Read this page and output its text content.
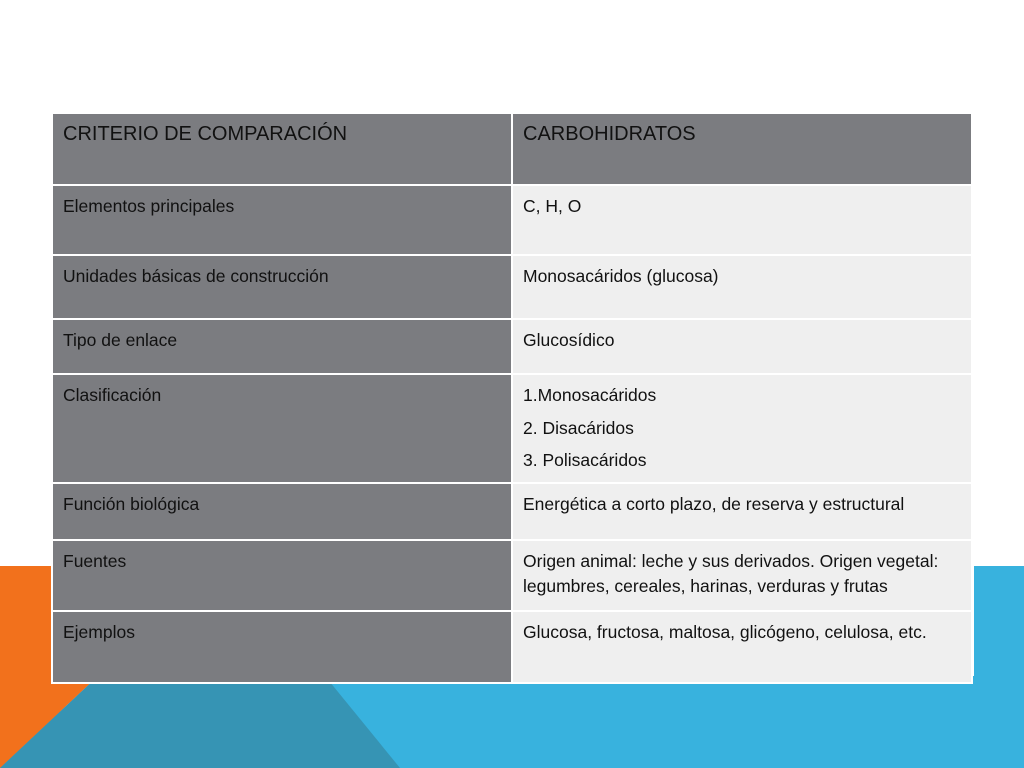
CRITERIO DE COMPARACIÓN	CARBOHIDRATOS
Elementos principales	C, H, O
Unidades básicas de construcción	Monosacáridos (glucosa)
Tipo de enlace	Glucosídico
Clasificación	1.Monosacáridos
2. Disacáridos
3. Polisacáridos

Función biológica	Energética a corto plazo, de reserva y estructural
Fuentes	Origen animal: leche y sus derivados. Origen vegetal: legumbres, cereales, harinas, verduras y frutas
Ejemplos	Glucosa, fructosa, maltosa, glicógeno, celulosa, etc.
